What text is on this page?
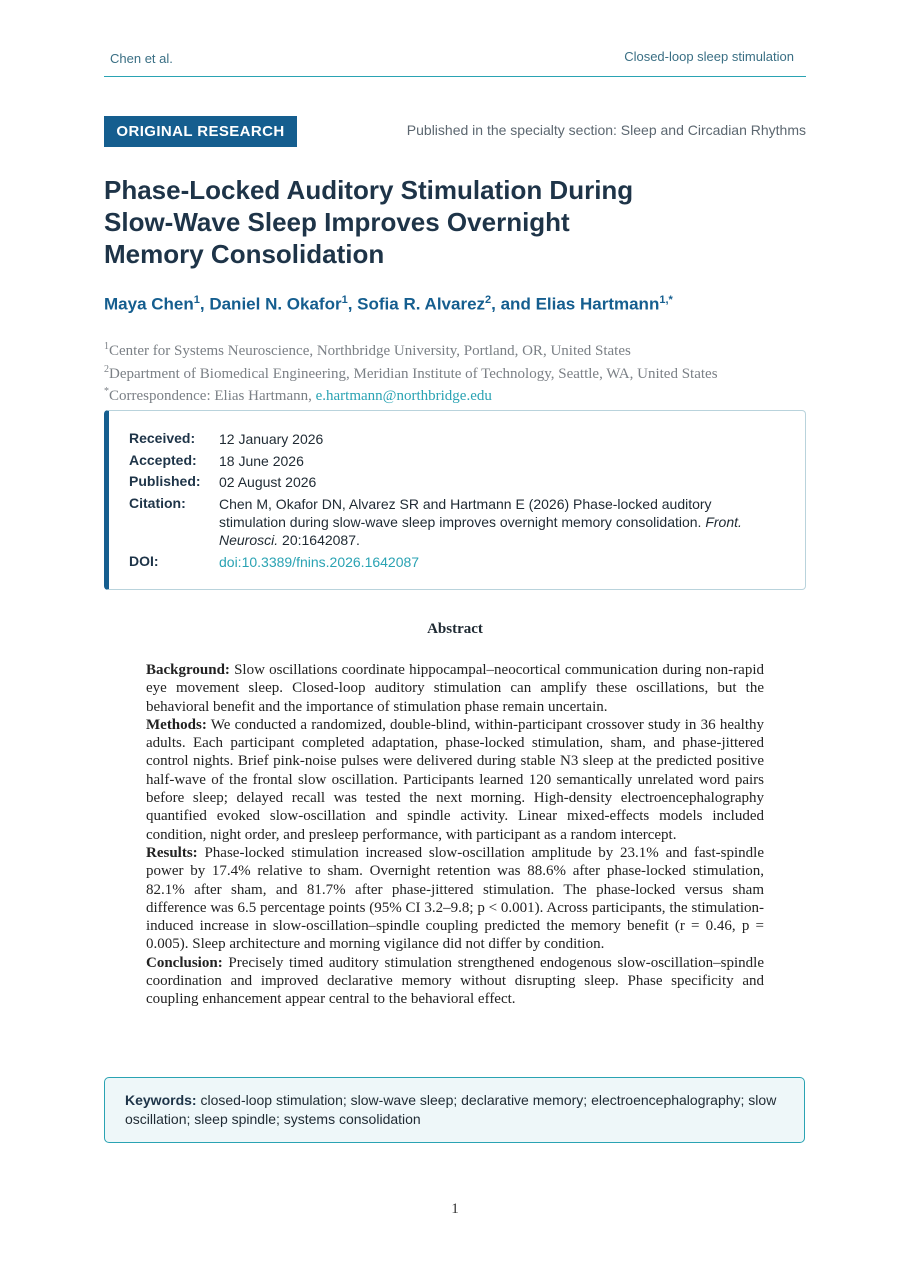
Chen et al.	Closed-loop sleep stimulation
ORIGINAL RESEARCH	Published in the specialty section: Sleep and Circadian Rhythms
Phase-Locked Auditory Stimulation During
Slow-Wave Sleep Improves Overnight
Memory Consolidation
Maya Chen$^1$, Daniel N. Okafor$^1$, Sofia R. Alvarez$^2$, and Elias Hartmann$^{1,*}$
$^1$Center for Systems Neuroscience, Northbridge University, Portland, OR, United States
$^2$Department of Biomedical Engineering, Meridian Institute of Technology, Seattle, WA, United States
*Correspondence: Elias Hartmann, e.hartmann@northbridge.edu
Received:	12 January 2026
Accepted:	18 June 2026
Published:	02 August 2026
Citation:	Chen M, Okafor DN, Alvarez SR and Hartmann E (2026) Phase-locked auditory stimulation during slow-wave sleep improves overnight memory consolidation. Front. Neurosci. 20:1642087.
DOI:	doi:10.3389/fnins.2026.1642087
Abstract

Background: Slow oscillations coordinate hippocampal–neocortical communication during non-rapid eye movement sleep. Closed-loop auditory stimulation can amplify these oscillations, but the behavioral benefit and the importance of stimulation phase remain uncertain.

Methods: We conducted a randomized, double-blind, within-participant crossover study in 36 healthy adults. Each participant completed adaptation, phase-locked stimulation, sham, and phase-jittered control nights. Brief pink-noise pulses were delivered during stable N3 sleep at the predicted positive half-wave of the frontal slow oscillation. Participants learned 120 semantically unrelated word pairs before sleep; delayed recall was tested the next morning. High-density electroencephalography quantified evoked slow-oscillation and spindle activity. Linear mixed-effects models included condition, night order, and presleep performance, with participant as a random intercept.

Results: Phase-locked stimulation increased slow-oscillation amplitude by 23.1% and fast-spindle power by 17.4% relative to sham. Overnight retention was 88.6% after phase-locked stimulation, 82.1% after sham, and 81.7% after phase-jittered stimulation. The phase-locked versus sham difference was 6.5 percentage points (95% CI 3.2–9.8; p < 0.001). Across participants, the stimulation-induced increase in slow-oscillation–spindle coupling predicted the memory benefit (r = 0.46, p = 0.005). Sleep architecture and morning vigilance did not differ by condition.

Conclusion: Precisely timed auditory stimulation strengthened endogenous slow-oscillation–spindle coordination and improved declarative memory without disrupting sleep. Phase specificity and coupling enhancement appear central to the behavioral effect.

Keywords: closed-loop stimulation; slow-wave sleep; declarative memory; electroencephalography; slow oscillation; sleep spindle; systems consolidation
1
